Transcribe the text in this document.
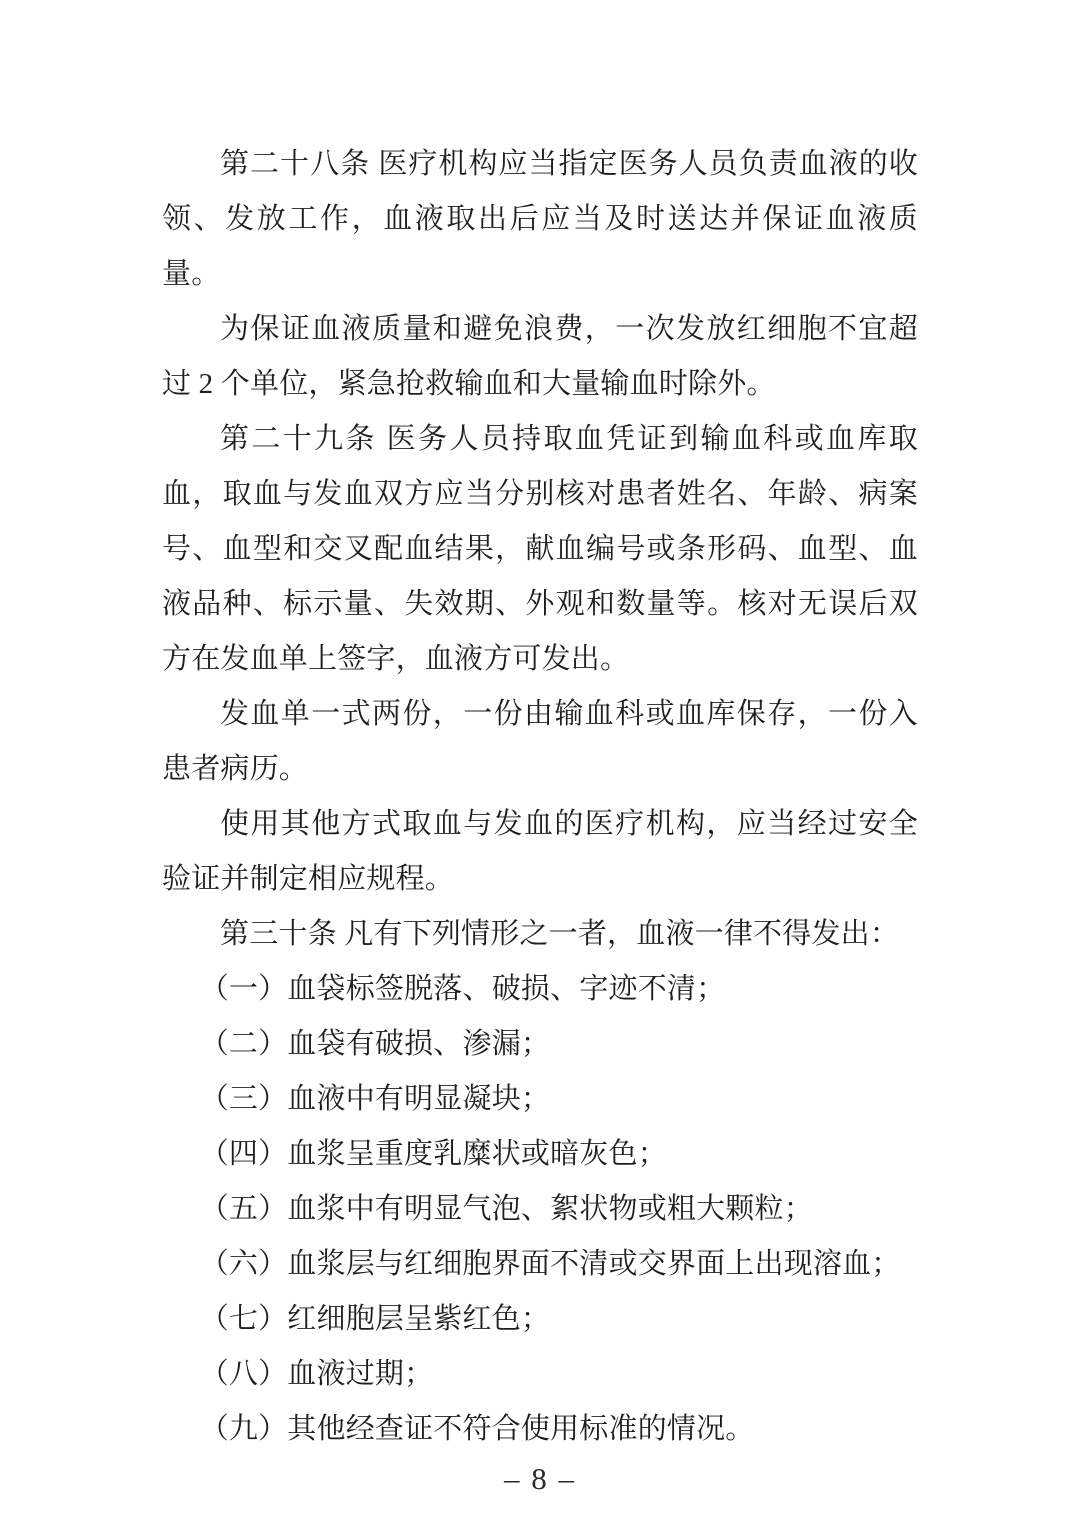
第二十八条 医疗机构应当指定医务人员负责血液的收领、发放工作，血液取出后应当及时送达并保证血液质量。

为保证血液质量和避免浪费，一次发放红细胞不宜超过 2 个单位，紧急抢救输血和大量输血时除外。

第二十九条 医务人员持取血凭证到输血科或血库取血，取血与发血双方应当分别核对患者姓名、年龄、病案号、血型和交叉配血结果，献血编号或条形码、血型、血液品种、标示量、失效期、外观和数量等。核对无误后双方在发血单上签字，血液方可发出。

发血单一式两份，一份由输血科或血库保存，一份入患者病历。

使用其他方式取血与发血的医疗机构，应当经过安全验证并制定相应规程。

第三十条 凡有下列情形之一者，血液一律不得发出：

（一）血袋标签脱落、破损、字迹不清；

（二）血袋有破损、渗漏；

（三）血液中有明显凝块；

（四）血浆呈重度乳糜状或暗灰色；

（五）血浆中有明显气泡、絮状物或粗大颗粒；

（六）血浆层与红细胞界面不清或交界面上出现溶血；

（七）红细胞层呈紫红色；

（八）血液过期；

（九）其他经查证不符合使用标准的情况。

– 8 –
